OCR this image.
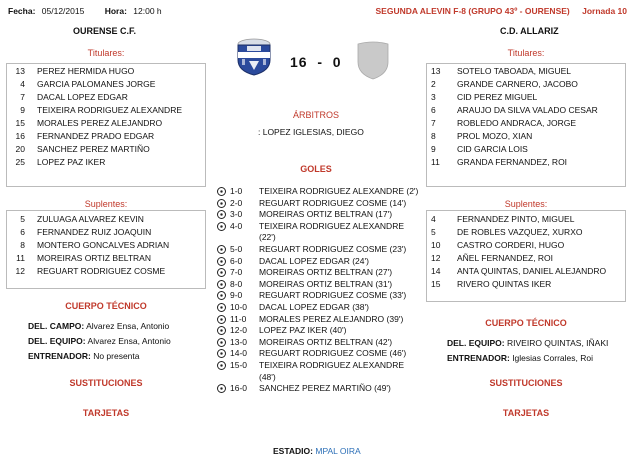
Fecha: 05/12/2015 Hora: 12:00 h	SEGUNDA ALEVIN F-8 (GRUPO 43º - OURENSE) Jornada 10
OURENSE C.F.	C.D. ALLARIZ
16  -  0
Titulares:
13 PEREZ HERMIDA HUGO
4 GARCIA PALOMANES JORGE
7 DACAL LOPEZ EDGAR
9 TEIXEIRA RODRIGUEZ ALEXANDRE
15 MORALES PEREZ ALEJANDRO
16 FERNANDEZ PRADO EDGAR
20 SANCHEZ PEREZ MARTIÑO
25 LOPEZ PAZ IKER
Suplentes:
5 ZULUAGA ALVAREZ KEVIN
6 FERNANDEZ RUIZ JOAQUIN
8 MONTERO GONCALVES ADRIAN
11 MOREIRAS ORTIZ BELTRAN
12 REGUART RODRIGUEZ COSME
CUERPO TÉCNICO
DEL. CAMPO: Alvarez Ensa, Antonio
DEL. EQUIPO: Alvarez Ensa, Antonio
ENTRENADOR: No presenta
SUSTITUCIONES
TARJETAS
Titulares:
13	SOTELO TABOADA, MIGUEL
2	GRANDE CARNERO, JACOBO
3	CID PEREZ MIGUEL
6	ARAUJO DA SILVA VALADO CESAR
7	ROBLEDO ANDRACA, JORGE
8	PROL MOZO, XIAN
9	CID GARCIA LOIS
11	GRANDA FERNANDEZ, ROI
Suplentes:
4	FERNANDEZ PINTO, MIGUEL
5	DE ROBLES VAZQUEZ, XURXO
10	CASTRO CORDERI, HUGO
12	AÑEL FERNANDEZ, ROI
14	ANTA QUINTAS, DANIEL ALEJANDRO
15	RIVERO QUINTAS IKER
CUERPO TÉCNICO
DEL. EQUIPO: RIVEIRO QUINTAS, IÑAKI
ENTRENADOR: Iglesias Corrales, Roi
SUSTITUCIONES
TARJETAS
ÁRBITROS
: LOPEZ IGLESIAS, DIEGO
GOLES
1-0 TEIXEIRA RODRIGUEZ ALEXANDRE (2')
2-0 REGUART RODRIGUEZ COSME (14')
3-0 MOREIRAS ORTIZ BELTRAN (17')
4-0 TEIXEIRA RODRIGUEZ ALEXANDRE
(22')
5-0 REGUART RODRIGUEZ COSME (23')
6-0 DACAL LOPEZ EDGAR (24')
7-0 MOREIRAS ORTIZ BELTRAN (27')
8-0 MOREIRAS ORTIZ BELTRAN (31')
9-0 REGUART RODRIGUEZ COSME (33')
10-0 DACAL LOPEZ EDGAR (38')
11-0 MORALES PEREZ ALEJANDRO (39')
12-0 LOPEZ PAZ IKER (40')
13-0 MOREIRAS ORTIZ BELTRAN (42')
14-0 REGUART RODRIGUEZ COSME (46')
15-0 TEIXEIRA RODRIGUEZ ALEXANDRE
(48')
16-0 SANCHEZ PEREZ MARTIÑO (49')
ESTADIO: MPAL OIRA
